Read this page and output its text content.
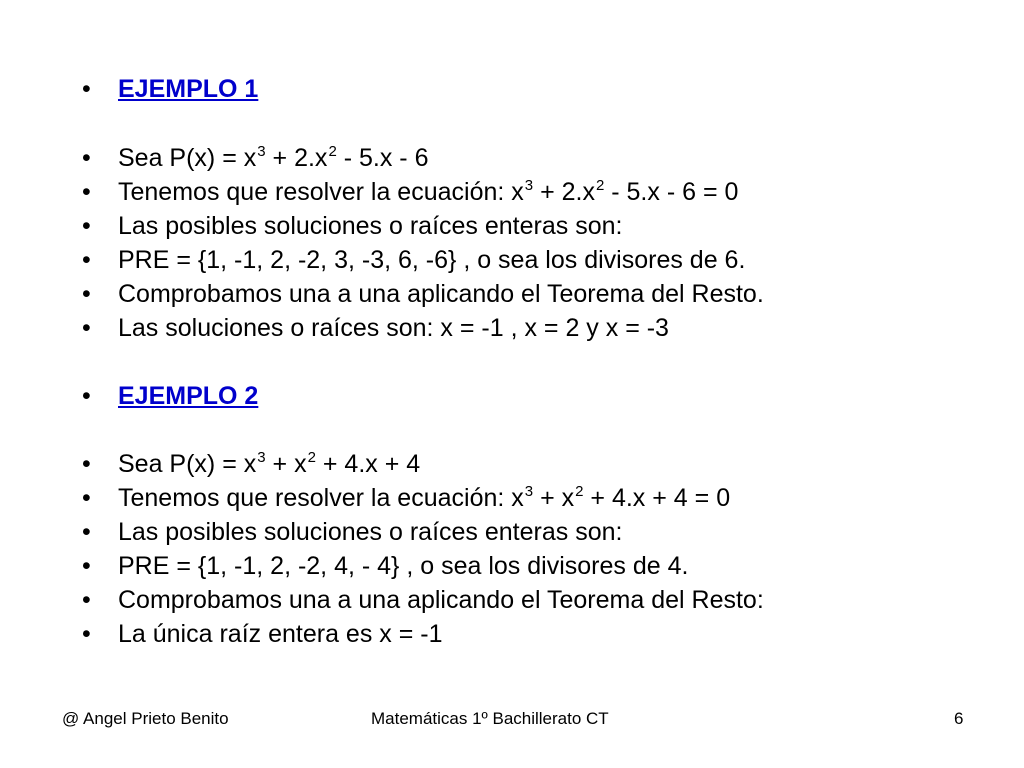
• EJEMPLO 1
• Sea $P(x) = x^3 + 2.x^2 - 5.x - 6$
• Tenemos que resolver la ecuación: $x^3 + 2.x^2 - 5.x - 6 = 0$
• Las posibles soluciones o raíces enteras son:
• PRE = {1, -1, 2, -2, 3, -3, 6, -6} , o sea los divisores de 6.
• Comprobamos una a una aplicando el Teorema del Resto.
• Las soluciones o raíces son: x = -1 , x = 2 y x = -3
• EJEMPLO 2
• Sea $P(x) = x^3 + x^2 + 4.x + 4$
• Tenemos que resolver la ecuación: $x^3 + x^2 + 4.x + 4 = 0$
• Las posibles soluciones o raíces enteras son:
• PRE = {1, -1, 2, -2, 4, - 4} , o sea los divisores de 4.
• Comprobamos una a una aplicando el Teorema del Resto:
• La única raíz entera es x = -1
@ Angel Prieto Benito	Matemáticas 1º Bachillerato CT	6
